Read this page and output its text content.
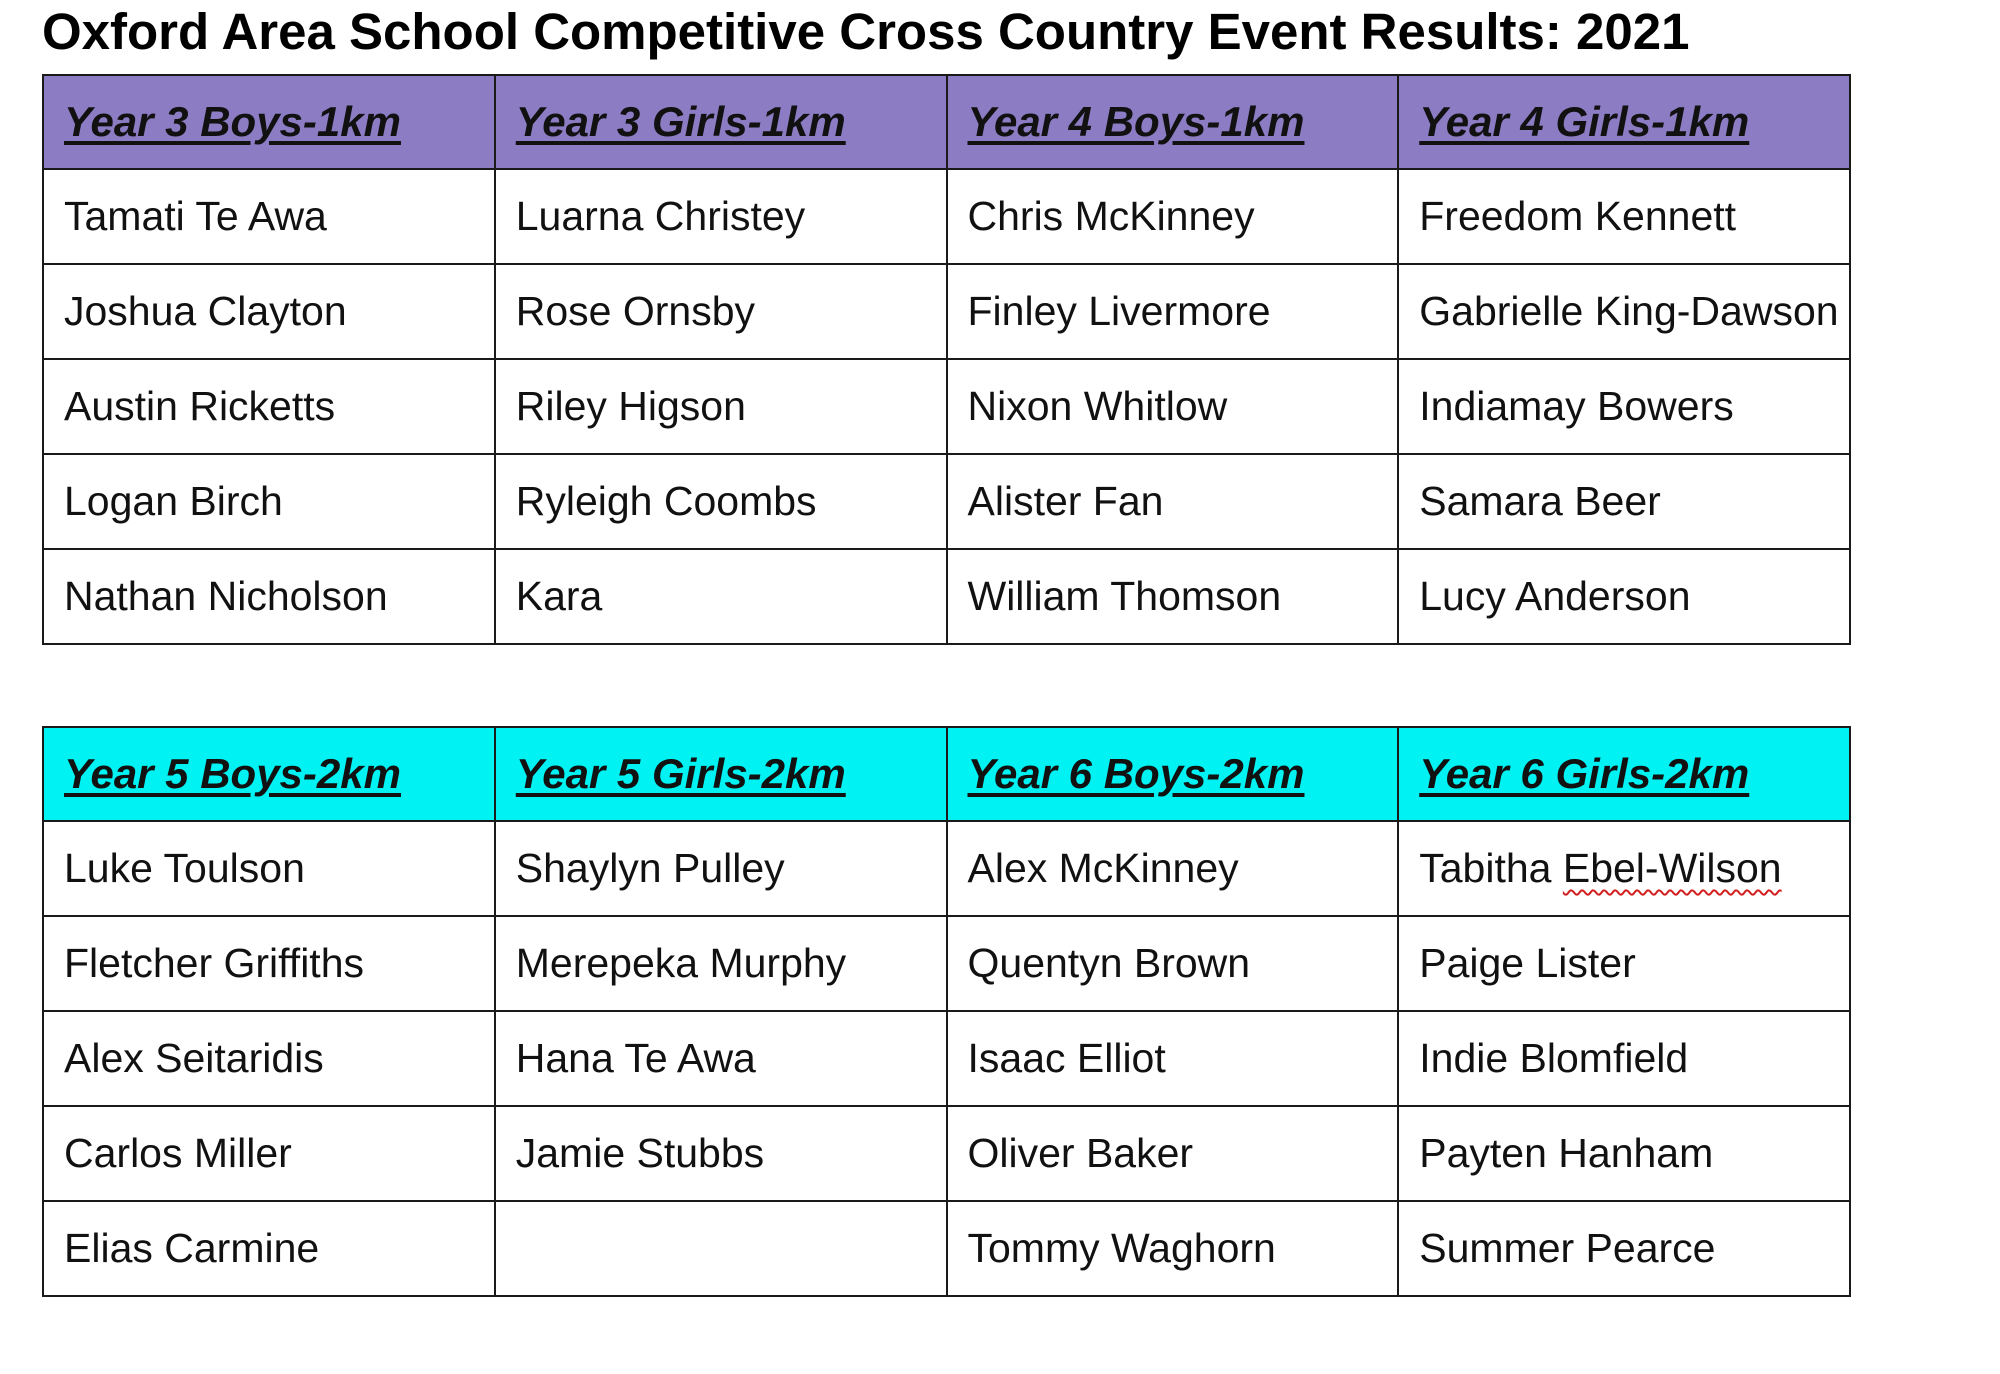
Oxford Area School Competitive Cross Country Event Results: 2021
Year 3 Boys-1km	Year 3 Girls-1km	Year 4 Boys-1km	Year 4 Girls-1km
Tamati Te Awa	Luarna Christey	Chris McKinney	Freedom Kennett
Joshua Clayton	Rose Ornsby	Finley Livermore	Gabrielle King-Dawson
Austin Ricketts	Riley Higson	Nixon Whitlow	Indiamay Bowers
Logan Birch	Ryleigh Coombs	Alister Fan	Samara Beer
Nathan Nicholson	Kara	William Thomson	Lucy Anderson
Year 5 Boys-2km	Year 5 Girls-2km	Year 6 Boys-2km	Year 6 Girls-2km
Luke Toulson	Shaylyn Pulley	Alex McKinney	Tabitha Ebel-Wilson
Fletcher Griffiths	Merepeka Murphy	Quentyn Brown	Paige Lister
Alex Seitaridis	Hana Te Awa	Isaac Elliot	Indie Blomfield
Carlos Miller	Jamie Stubbs	Oliver Baker	Payten Hanham
Elias Carmine		Tommy Waghorn	Summer Pearce
